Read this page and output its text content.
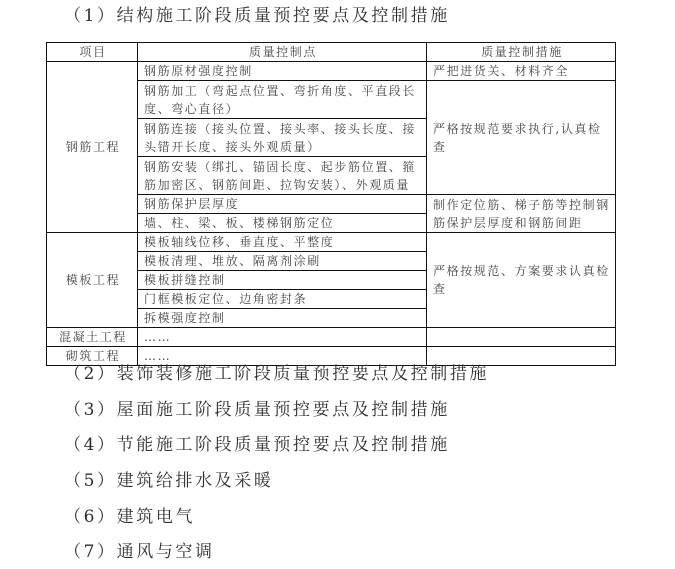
（1）结构施工阶段质量预控要点及控制措施
项目	质量控制点	质量控制措施
钢筋工程	钢筋原材强度控制	严把进货关、材料齐全
	钢筋加工（弯起点位置、弯折角度、平直段长度、弯心直径）	严格按规范要求执行,认真检查
	钢筋连接（接头位置、接头率、接头长度、接头错开长度、接头外观质量）	
	钢筋安装（绑扎、锚固长度、起步筋位置、箍筋加密区、钢筋间距、拉钩安装）、外观质量	
	钢筋保护层厚度	制作定位筋、梯子筋等控制钢筋保护层厚度和钢筋间距
	墙、柱、梁、板、楼梯钢筋定位	
模板工程	模板轴线位移、垂直度、平整度	严格按规范、方案要求认真检查
	模板清理、堆放、隔离剂涂刷	
	模板拼缝控制	
	门框模板定位、边角密封条	
	拆模强度控制	
混凝土工程	……	
砌筑工程	……	
（2）装饰装修施工阶段质量预控要点及控制措施
（3）屋面施工阶段质量预控要点及控制措施
（4）节能施工阶段质量预控要点及控制措施
（5）建筑给排水及采暖
（6）建筑电气
（7）通风与空调
